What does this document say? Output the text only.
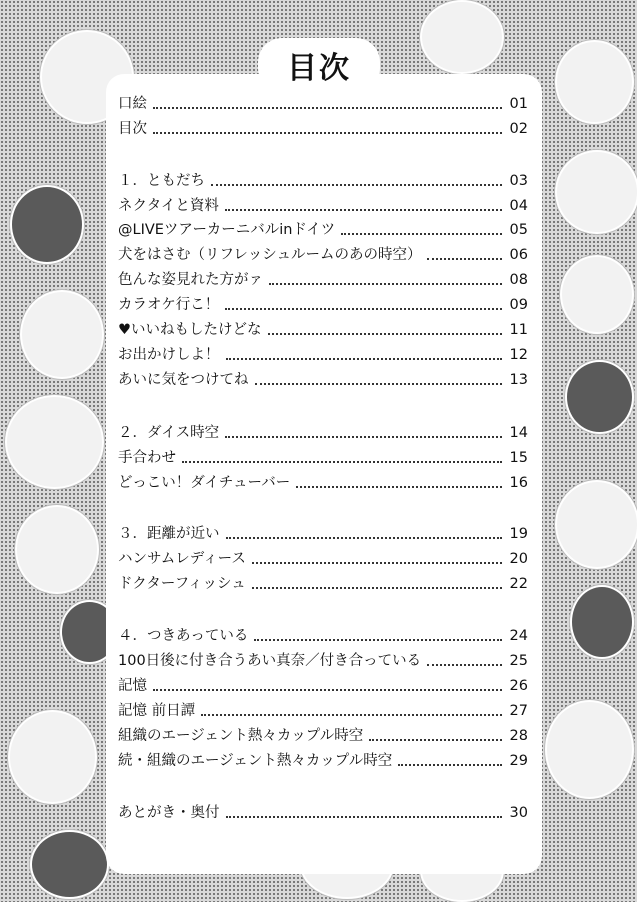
目次
口絵	01
目次	02
１．ともだち	03
ネクタイと資料	04
@LIVEツアーカーニバルinドイツ	05
犬をはさむ（リフレッシュルームのあの時空）	06
色んな姿見れた方がァ	08
カラオケ行こ！	09
♥いいねもしたけどな	11
お出かけしよ！	12
あいに気をつけてね	13
２．ダイス時空	14
手合わせ	15
どっこい！ダイチューバー	16
３．距離が近い	19
ハンサムレディース	20
ドクターフィッシュ	22
４．つきあっている	24
100日後に付き合うあい真奈／付き合っている	25
記憶	26
記憶 前日譚	27
組織のエージェント熱々カップル時空	28
続・組織のエージェント熱々カップル時空	29
あとがき・奥付	30
